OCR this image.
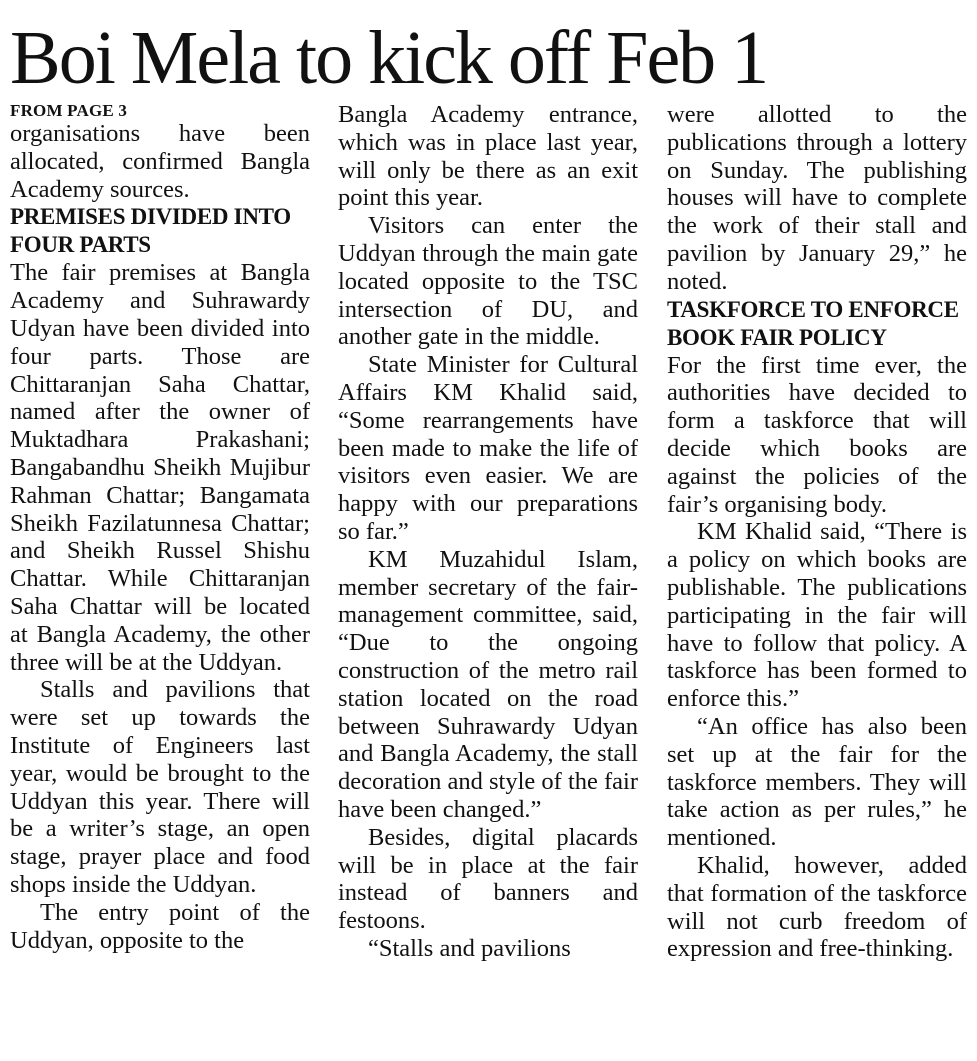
Boi Mela to kick off Feb 1

FROM PAGE 3

organisations have been allocated, confirmed Bangla Academy sources.

PREMISES DIVIDED INTO FOUR PARTS

The fair premises at Bangla Academy and Suhrawardy Udyan have been divided into four parts. Those are Chittaranjan Saha Chattar, named after the owner of Muktadhara Prakashani; Bangabandhu Sheikh Mujibur Rahman Chattar; Bangamata Sheikh Fazilatunnesa Chattar; and Sheikh Russel Shishu Chattar. While Chittaranjan Saha Chattar will be located at Bangla Academy, the other three will be at the Uddyan.

Stalls and pavilions that were set up towards the Institute of Engineers last year, would be brought to the Uddyan this year. There will be a writer’s stage, an open stage, prayer place and food shops inside the Uddyan.

The entry point of the Uddyan, opposite to the

Bangla Academy entrance, which was in place last year, will only be there as an exit point this year.

Visitors can enter the Uddyan through the main gate located opposite to the TSC intersection of DU, and another gate in the middle.

State Minister for Cultural Affairs KM Khalid said, “Some rearrangements have been made to make the life of visitors even easier. We are happy with our preparations so far.”

KM Muzahidul Islam, member secretary of the fair-management committee, said, “Due to the ongoing construction of the metro rail station located on the road between Suhrawardy Udyan and Bangla Academy, the stall decoration and style of the fair have been changed.”

Besides, digital placards will be in place at the fair instead of banners and festoons.

“Stalls and pavilions

were allotted to the publications through a lottery on Sunday. The publishing houses will have to complete the work of their stall and pavilion by January 29,” he noted.

TASKFORCE TO ENFORCE BOOK FAIR POLICY

For the first time ever, the authorities have decided to form a taskforce that will decide which books are against the policies of the fair’s organising body.

KM Khalid said, “There is a policy on which books are publishable. The publications participating in the fair will have to follow that policy. A taskforce has been formed to enforce this.”

“An office has also been set up at the fair for the taskforce members. They will take action as per rules,” he mentioned.

Khalid, however, added that formation of the taskforce will not curb freedom of expression and free-thinking.
